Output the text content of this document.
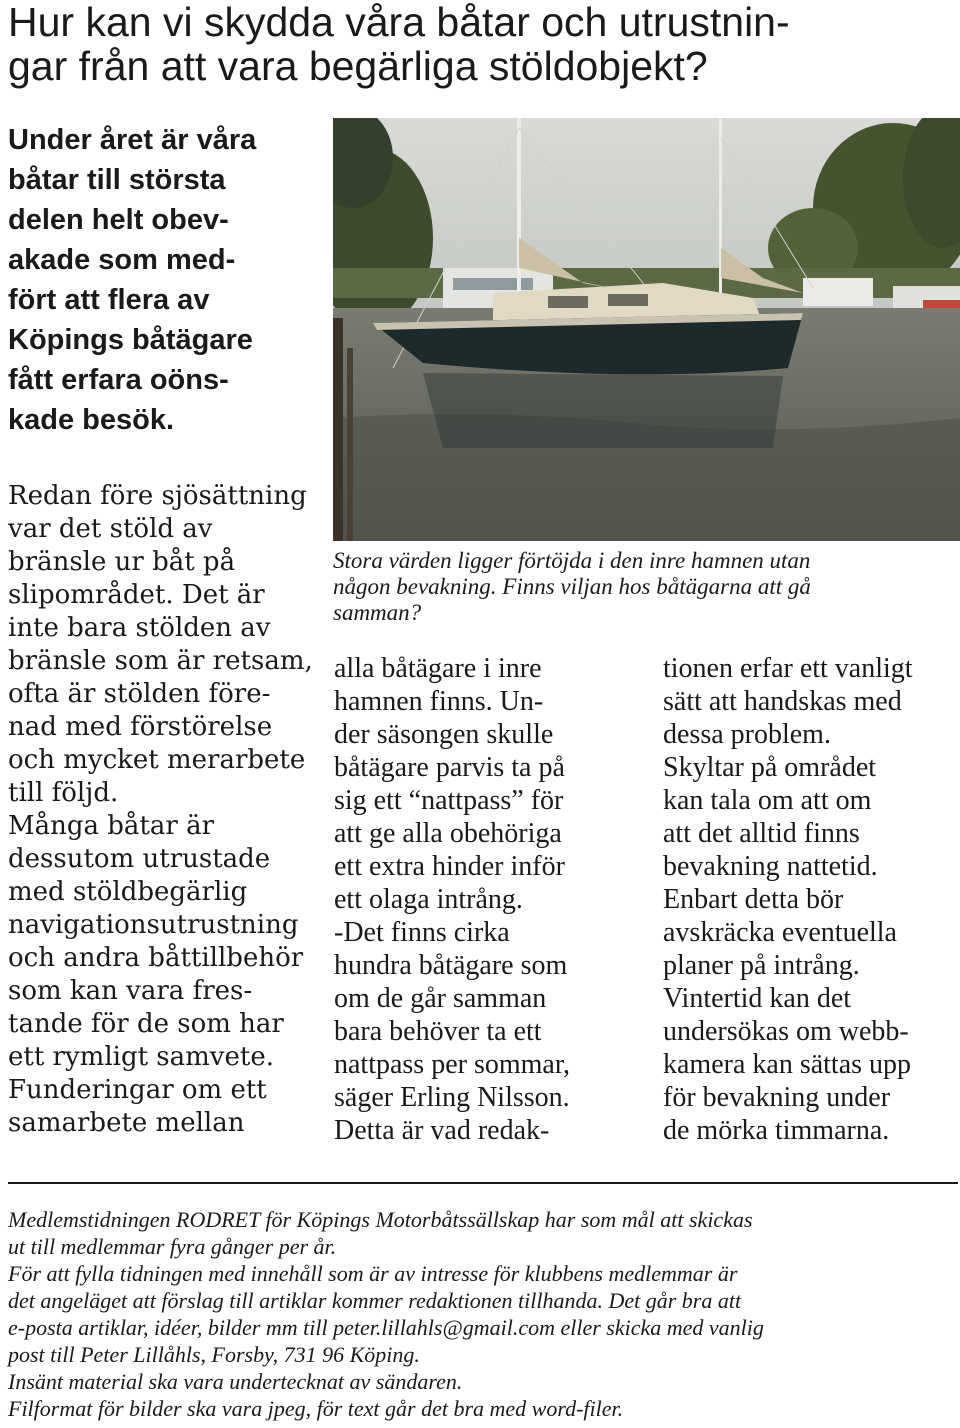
Hur kan vi skydda våra båtar och utrustnin-
gar från att vara begärliga stöldobjekt?
Under året är våra
båtar till största
delen helt obev-
akade som med-
fört att flera av
Köpings båtägare
fått erfara oöns-
kade besök.
Stora värden ligger förtöjda i den inre hamnen utan
någon bevakning. Finns viljan hos båtägarna att gå
samman?
Redan före sjösättning
var det stöld av
bränsle ur båt på
slipområdet. Det är
inte bara stölden av
bränsle som är retsam,
ofta är stölden före-
nad med förstörelse
och mycket merarbete
till följd.
Många båtar är
dessutom utrustade
med stöldbegärlig
navigationsutrustning
och andra båttillbehör
som kan vara fres-
tande för de som har
ett rymligt samvete.
Funderingar om ett
samarbete mellan
alla båtägare i inre
hamnen finns. Un-
der säsongen skulle
båtägare parvis ta på
sig ett “nattpass” för
att ge alla obehöriga
ett extra hinder inför
ett olaga intrång.
-Det finns cirka
hundra båtägare som
om de går samman
bara behöver ta ett
nattpass per sommar,
säger Erling Nilsson.
Detta är vad redak-
tionen erfar ett vanligt
sätt att handskas med
dessa problem.
Skyltar på området
kan tala om att om
att det alltid finns
bevakning nattetid.
Enbart detta bör
avskräcka eventuella
planer på intrång.
Vintertid kan det
undersökas om webb-
kamera kan sättas upp
för bevakning under
de mörka timmarna.
Medlemstidningen RODRET för Köpings Motorbåtssällskap har som mål att skickas
ut till medlemmar fyra gånger per år.
För att fylla tidningen med innehåll som är av intresse för klubbens medlemmar är
det angeläget att förslag till artiklar kommer redaktionen tillhanda. Det går bra att
e-posta artiklar, idéer, bilder mm till peter.lillahls@gmail.com eller skicka med vanlig
post till Peter Lillåhls, Forsby, 731 96 Köping.
Insänt material ska vara undertecknat av sändaren.
Filformat för bilder ska vara jpeg, för text går det bra med word-filer.
